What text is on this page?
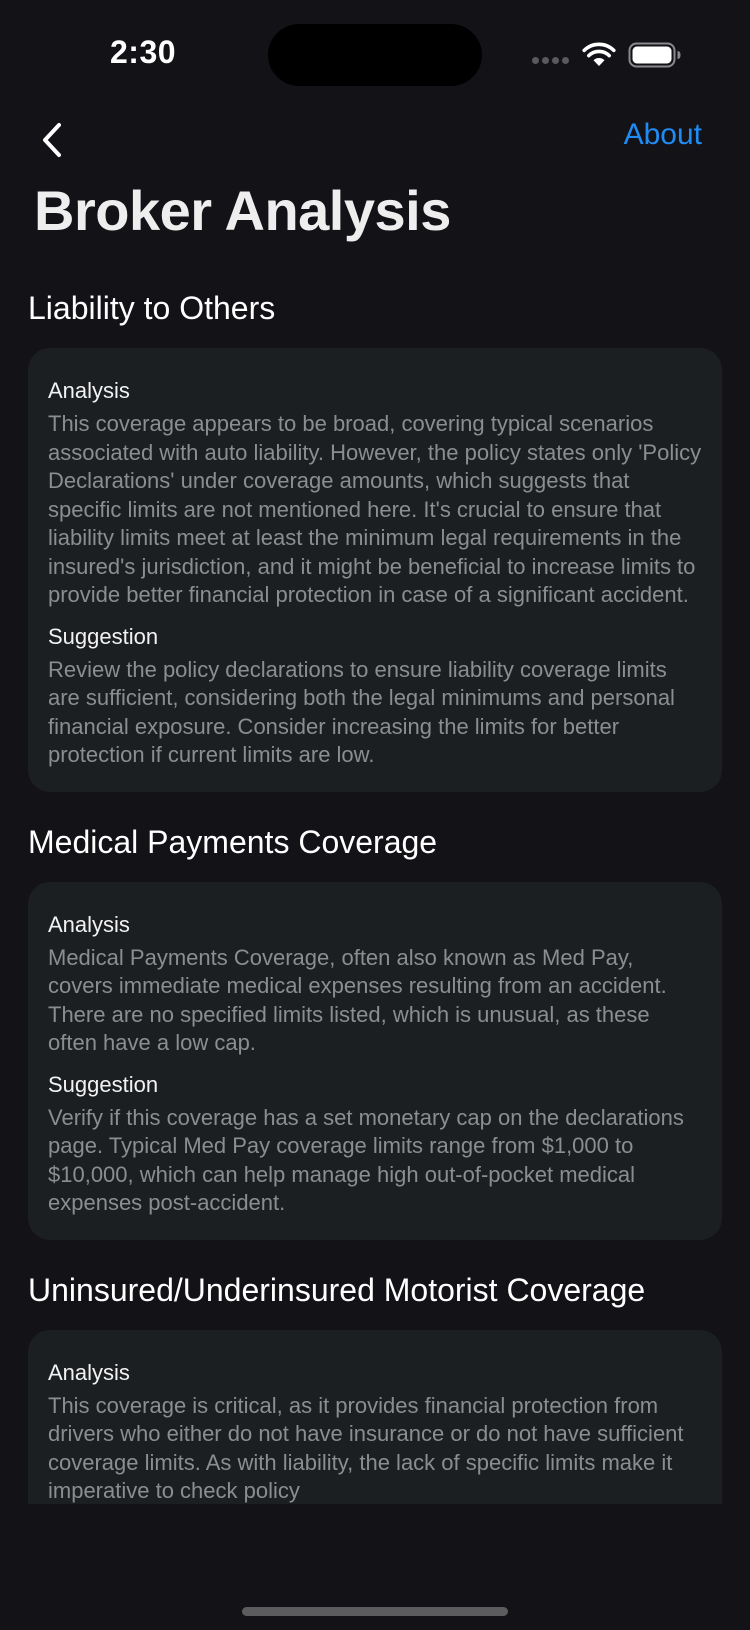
2:30
About
Broker Analysis
Liability to Others

Analysis

This coverage appears to be broad, covering typical scenarios associated with auto liability. However, the policy states only 'Policy Declarations' under coverage amounts, which suggests that specific limits are not mentioned here. It's crucial to ensure that liability limits meet at least the minimum legal requirements in the insured's jurisdiction, and it might be beneficial to increase limits to provide better financial protection in case of a significant accident.

Suggestion

Review the policy declarations to ensure liability coverage limits are sufficient, considering both the legal minimums and personal financial exposure. Consider increasing the limits for better protection if current limits are low.

Medical Payments Coverage

Analysis

Medical Payments Coverage, often also known as Med Pay, covers immediate medical expenses resulting from an accident. There are no specified limits listed, which is unusual, as these often have a low cap.

Suggestion

Verify if this coverage has a set monetary cap on the declarations page. Typical Med Pay coverage limits range from $1,000 to $10,000, which can help manage high out-of-pocket medical expenses post-accident.

Uninsured/Underinsured Motorist Coverage

Analysis

This coverage is critical, as it provides financial protection from drivers who either do not have insurance or do not have sufficient coverage limits. As with liability, the lack of specific limits make it imperative to check policy
